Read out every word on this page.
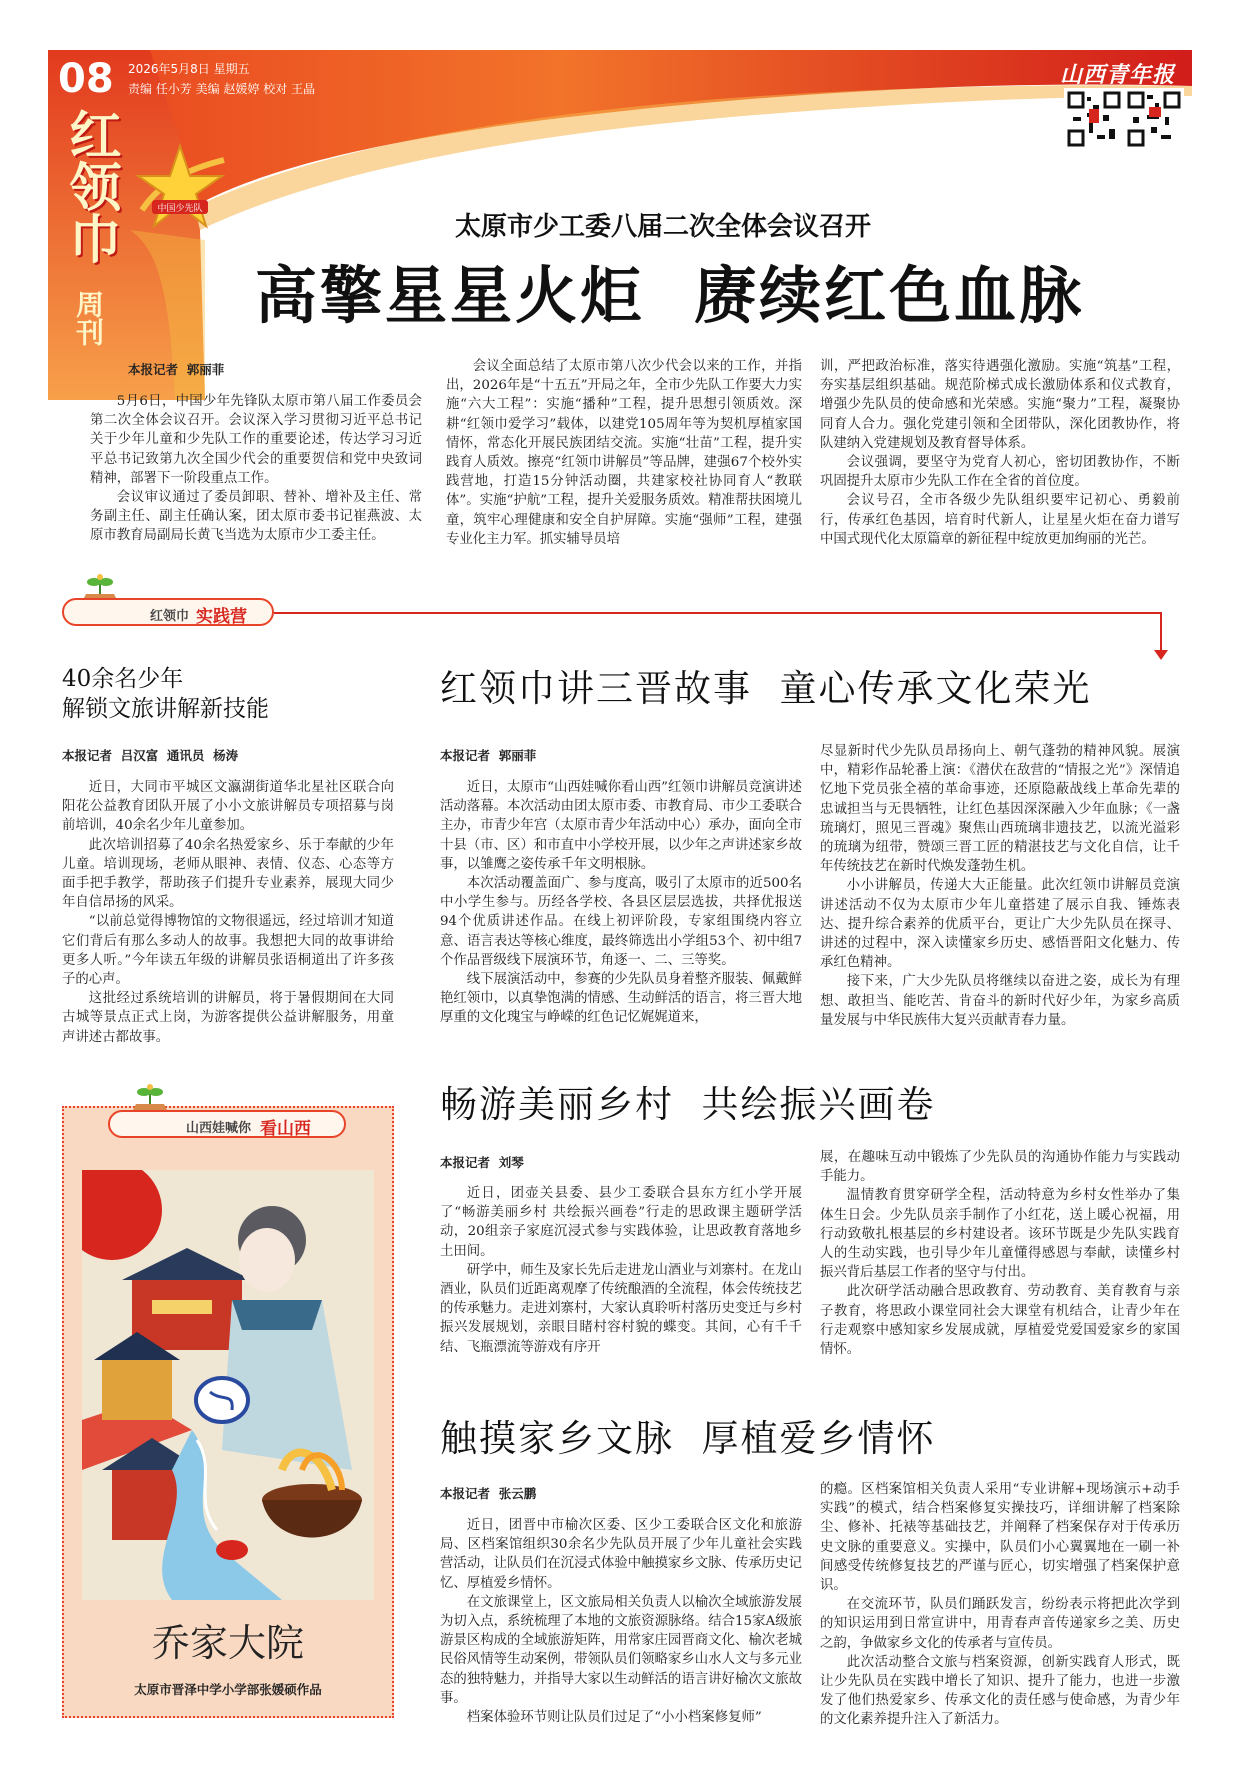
08 2026年5月8日 星期五
责编 任小芳 美编 赵媛婷 校对 王晶
红领巾
周刊
中国少先队
山西青年报
太原市少工委八届二次全体会议召开
高擎星星火炬  赓续红色血脉
本报记者  郭丽菲

5月6日，中国少年先锋队太原市第八届工作委员会第二次全体会议召开。会议深入学习贯彻习近平总书记关于少年儿童和少先队工作的重要论述，传达学习习近平总书记致第九次全国少代会的重要贺信和党中央致词精神，部署下一阶段重点工作。

会议审议通过了委员卸职、替补、增补及主任、常务副主任、副主任确认案，团太原市委书记崔燕波、太原市教育局副局长黄飞当选为太原市少工委主任。

会议全面总结了太原市第八次少代会以来的工作，并指出，2026年是“十五五”开局之年，全市少先队工作要大力实施“六大工程”：实施“播种”工程，提升思想引领质效。深耕“红领巾爱学习”载体，以建党105周年等为契机厚植家国情怀，常态化开展民族团结交流。实施“壮苗”工程，提升实践育人质效。擦亮“红领巾讲解员”等品牌，建强67个校外实践营地，打造15分钟活动圈，共建家校社协同育人“教联体”。实施“护航”工程，提升关爱服务质效。精准帮扶困境儿童，筑牢心理健康和安全自护屏障。实施“强师”工程，建强专业化主力军。抓实辅导员培

训，严把政治标准，落实待遇强化激励。实施“筑基”工程，夯实基层组织基础。规范阶梯式成长激励体系和仪式教育，增强少先队员的使命感和光荣感。实施“聚力”工程，凝聚协同育人合力。强化党建引领和全团带队，深化团教协作，将队建纳入党建规划及教育督导体系。

会议强调，要坚守为党育人初心，密切团教协作，不断巩固提升太原市少先队工作在全省的首位度。

会议号召，全市各级少先队组织要牢记初心、勇毅前行，传承红色基因，培育时代新人，让星星火炬在奋力谱写中国式现代化太原篇章的新征程中绽放更加绚丽的光芒。

红领巾 实践营
40余名少年
解锁文旅讲解新技能
本报记者  吕汉富  通讯员  杨涛

近日，大同市平城区文瀛湖街道华北星社区联合向阳花公益教育团队开展了小小文旅讲解员专项招募与岗前培训，40余名少年儿童参加。

此次培训招募了40余名热爱家乡、乐于奉献的少年儿童。培训现场，老师从眼神、表情、仪态、心态等方面手把手教学，帮助孩子们提升专业素养，展现大同少年自信昂扬的风采。

“以前总觉得博物馆的文物很遥远，经过培训才知道它们背后有那么多动人的故事。我想把大同的故事讲给更多人听。”今年读五年级的讲解员张语桐道出了许多孩子的心声。

这批经过系统培训的讲解员，将于暑假期间在大同古城等景点正式上岗，为游客提供公益讲解服务，用童声讲述古都故事。

红领巾讲三晋故事  童心传承文化荣光
本报记者  郭丽菲

近日，太原市“山西娃喊你看山西”红领巾讲解员竞演讲述活动落幕。本次活动由团太原市委、市教育局、市少工委联合主办，市青少年宫（太原市青少年活动中心）承办，面向全市十县（市、区）和市直中小学校开展，以少年之声讲述家乡故事，以雏鹰之姿传承千年文明根脉。

本次活动覆盖面广、参与度高，吸引了太原市的近500名中小学生参与。历经各学校、各县区层层选拔，共择优报送94个优质讲述作品。在线上初评阶段，专家组围绕内容立意、语言表达等核心维度，最终筛选出小学组53个、初中组7个作品晋级线下展演环节，角逐一、二、三等奖。

线下展演活动中，参赛的少先队员身着整齐服装、佩戴鲜艳红领巾，以真挚饱满的情感、生动鲜活的语言，将三晋大地厚重的文化瑰宝与峥嵘的红色记忆娓娓道来，

尽显新时代少先队员昂扬向上、朝气蓬勃的精神风貌。展演中，精彩作品轮番上演：《潜伏在敌营的“情报之光”》深情追忆地下党员张全禧的革命事迹，还原隐蔽战线上革命先辈的忠诚担当与无畏牺牲，让红色基因深深融入少年血脉；《一盏琉璃灯，照见三晋魂》聚焦山西琉璃非遗技艺，以流光溢彩的琉璃为纽带，赞颂三晋工匠的精湛技艺与文化自信，让千年传统技艺在新时代焕发蓬勃生机。

小小讲解员，传递大大正能量。此次红领巾讲解员竞演讲述活动不仅为太原市少年儿童搭建了展示自我、锤炼表达、提升综合素养的优质平台，更让广大少先队员在探寻、讲述的过程中，深入读懂家乡历史、感悟晋阳文化魅力、传承红色精神。

接下来，广大少先队员将继续以奋进之姿，成长为有理想、敢担当、能吃苦、肯奋斗的新时代好少年，为家乡高质量发展与中华民族伟大复兴贡献青春力量。

山西娃喊你 看山西
乔家大院
太原市晋泽中学小学部张媛硕作品
畅游美丽乡村  共绘振兴画卷
本报记者  刘琴

近日，团壶关县委、县少工委联合县东方红小学开展了“畅游美丽乡村 共绘振兴画卷”行走的思政课主题研学活动，20组亲子家庭沉浸式参与实践体验，让思政教育落地乡土田间。

研学中，师生及家长先后走进龙山酒业与刘寨村。在龙山酒业，队员们近距离观摩了传统酿酒的全流程，体会传统技艺的传承魅力。走进刘寨村，大家认真聆听村落历史变迁与乡村振兴发展规划，亲眼目睹村容村貌的蝶变。其间，心有千千结、飞瓶漂流等游戏有序开

展，在趣味互动中锻炼了少先队员的沟通协作能力与实践动手能力。

温情教育贯穿研学全程，活动特意为乡村女性举办了集体生日会。少先队员亲手制作了小红花，送上暖心祝福，用行动致敬扎根基层的乡村建设者。该环节既是少先队实践育人的生动实践，也引导少年儿童懂得感恩与奉献，读懂乡村振兴背后基层工作者的坚守与付出。

此次研学活动融合思政教育、劳动教育、美育教育与亲子教育，将思政小课堂同社会大课堂有机结合，让青少年在行走观察中感知家乡发展成就，厚植爱党爱国爱家乡的家国情怀。

触摸家乡文脉  厚植爱乡情怀
本报记者  张云鹏

近日，团晋中市榆次区委、区少工委联合区文化和旅游局、区档案馆组织30余名少先队员开展了少年儿童社会实践营活动，让队员们在沉浸式体验中触摸家乡文脉、传承历史记忆、厚植爱乡情怀。

在文旅课堂上，区文旅局相关负责人以榆次全域旅游发展为切入点，系统梳理了本地的文旅资源脉络。结合15家A级旅游景区构成的全域旅游矩阵，用常家庄园晋商文化、榆次老城民俗风情等生动案例，带领队员们领略家乡山水人文与多元业态的独特魅力，并指导大家以生动鲜活的语言讲好榆次文旅故事。

档案体验环节则让队员们过足了“小小档案修复师”

的瘾。区档案馆相关负责人采用“专业讲解+现场演示+动手实践”的模式，结合档案修复实操技巧，详细讲解了档案除尘、修补、托裱等基础技艺，并阐释了档案保存对于传承历史文脉的重要意义。实操中，队员们小心翼翼地在一刷一补间感受传统修复技艺的严谨与匠心，切实增强了档案保护意识。

在交流环节，队员们踊跃发言，纷纷表示将把此次学到的知识运用到日常宣讲中，用青春声音传递家乡之美、历史之韵，争做家乡文化的传承者与宣传员。

此次活动整合文旅与档案资源，创新实践育人形式，既让少先队员在实践中增长了知识、提升了能力，也进一步激发了他们热爱家乡、传承文化的责任感与使命感，为青少年的文化素养提升注入了新活力。
